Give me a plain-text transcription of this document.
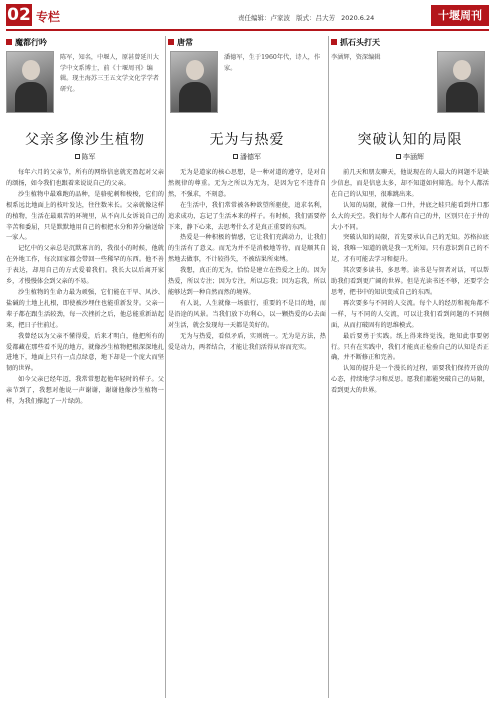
02 专栏	责任编辑：卢家波 版式：吕大芳 2020.6.24	十堰周刊
魔都行吟
陈军，知名，中堰人，原甚曾延川大学中文系博士，前《十堰周刊》编辑。现主海苏三王五文学文化学学者研究。
父亲多像沙生植物
陈军

每年六月的父亲节，所有的网络信息就充盈起对父亲的颂扬，如今我们也跟着来说说自己的父亲。

沙生植物中最难跑的品种，是骆驼刺和梭梭，它们的根系远比地面上的枝叶发达，往往数米长。父亲就像这样的植物，生活在最艰苦的环境里，从不向儿女诉说自己的辛苦和委屈，只是默默地用自己的根把水分和养分输送给一家人。

记忆中的父亲总是沉默寡言的，我很小的时候，他就在外地工作，每次回家都会带回一些稀罕的东西。他不善于表达，却用自己的方式爱着我们。我长大以后离开家乡，才慢慢体会到父亲的不易。

沙生植物的生命力最为顽强，它们能在干旱、风沙、盐碱的土地上扎根，即使被沙埋住也能重新发芽。父亲一辈子都在跟生活较劲，每一次挫折之后，他总能重新站起来，把日子往前过。

我曾经以为父亲不懂得爱，后来才明白，他把所有的爱都藏在那些看不见的地方，就像沙生植物把根深深地扎进地下，地面上只有一点点绿意，地下却是一个庞大而坚韧的世界。

如今父亲已经年迈，我常常想起他年轻时的样子。父亲节到了，我想对他说一声谢谢，谢谢他像沙生植物一样，为我们撑起了一片绿荫。

唐常
潘德军，生于1960年代，诗人，作家。
无为与热爱
潘德军

无为是道家的核心思想，是一种对道的遵守，是对自然规律的尊重。无为之所以为无为，是因为它不违背自然，不强求，不刻意。

在生活中，我们常常被各种欲望所驱使，追求名利，追求成功，忘记了生活本来的样子。有时候，我们需要停下来，静下心来，去思考什么才是真正重要的东西。

热爱是一种积极的情感，它让我们充满动力，让我们的生活有了意义。而无为并不是消极地等待，而是顺其自然地去做事，不计较得失，不被结果所束缚。

我想，真正的无为，恰恰是建立在热爱之上的。因为热爱，所以专注；因为专注，所以忘我；因为忘我，所以能够达到一种自然而然的境界。

有人说，人生就像一场旅行，重要的不是目的地，而是沿途的风景。当我们放下功利心，以一颗热爱的心去面对生活，就会发现每一天都是美好的。

无为与热爱，看似矛盾，实则统一。无为是方法，热爱是动力，两者结合，才能让我们活得从容而充实。

抓石头打天
李涵辉，资深编辑
突破认知的局限
李涵辉

前几天和朋友聊天，他说现在的人最大的问题不是缺少信息，而是信息太多，却不知道如何筛选。每个人都活在自己的认知里，很难跳出来。

认知的局限，就像一口井，井底之蛙只能看到井口那么大的天空。我们每个人都有自己的井，区别只在于井的大小不同。

突破认知的局限，首先要承认自己的无知。苏格拉底说，我唯一知道的就是我一无所知。只有意识到自己的不足，才有可能去学习和提升。

其次要多读书，多思考。读书是与智者对话，可以帮助我们看到更广阔的世界。但是光读书还不够，还要学会思考，把书中的知识变成自己的东西。

再次要多与不同的人交流。每个人的经历和视角都不一样，与不同的人交流，可以让我们看到问题的不同侧面，从而打破固有的思维模式。

最后要勇于实践。纸上得来终觉浅，绝知此事要躬行。只有在实践中，我们才能真正检验自己的认知是否正确，并不断修正和完善。

认知的提升是一个漫长的过程，需要我们保持开放的心态，持续地学习和反思。愿我们都能突破自己的局限，看到更大的世界。
